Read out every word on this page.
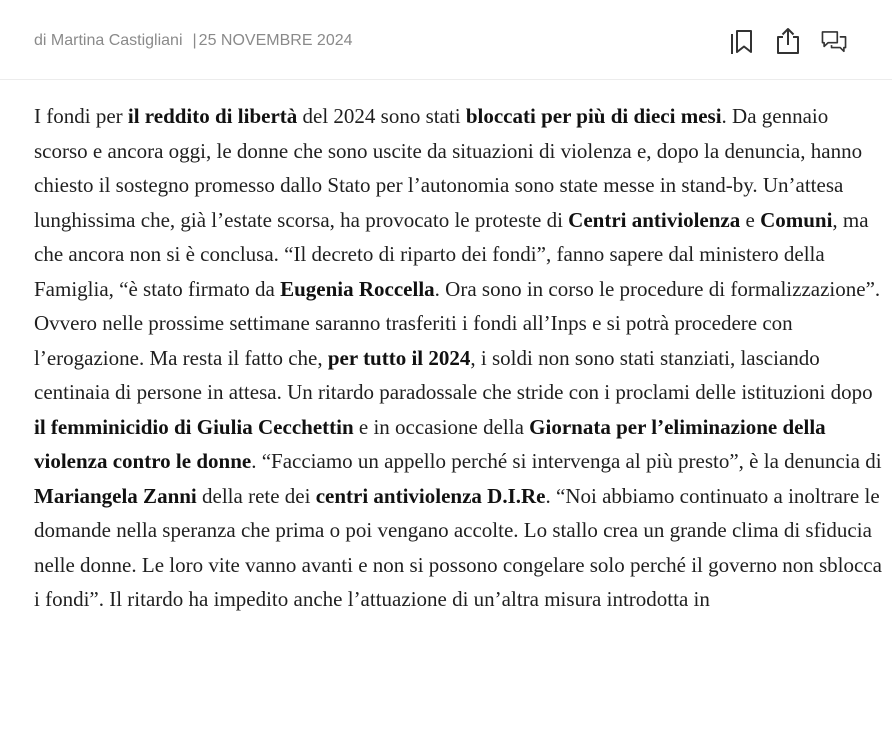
di Martina Castigliani | 25 NOVEMBRE 2024

I fondi per il reddito di libertà del 2024 sono stati bloccati per più di dieci mesi. Da gennaio scorso e ancora oggi, le donne che sono uscite da situazioni di violenza e, dopo la denuncia, hanno chiesto il sostegno promesso dallo Stato per l’autonomia sono state messe in stand-by. Un’attesa lunghissima che, già l’estate scorsa, ha provocato le proteste di Centri antiviolenza e Comuni, ma che ancora non si è conclusa. “Il decreto di riparto dei fondi”, fanno sapere dal ministero della Famiglia, “è stato firmato da Eugenia Roccella. Ora sono in corso le procedure di formalizzazione”. Ovvero nelle prossime settimane saranno trasferiti i fondi all’Inps e si potrà procedere con l’erogazione. Ma resta il fatto che, per tutto il 2024, i soldi non sono stati stanziati, lasciando centinaia di persone in attesa. Un ritardo paradossale che stride con i proclami delle istituzioni dopo il femminicidio di Giulia Cecchettin e in occasione della Giornata per l’eliminazione della violenza contro le donne. “Facciamo un appello perché si intervenga al più presto”, è la denuncia di Mariangela Zanni della rete dei centri antiviolenza D.I.Re. “Noi abbiamo continuato a inoltrare le domande nella speranza che prima o poi vengano accolte. Lo stallo crea un grande clima di sfiducia nelle donne. Le loro vite vanno avanti e non si possono congelare solo perché il governo non sblocca i fondi”. Il ritardo ha impedito anche l’attuazione di un’altra misura introdotta in
